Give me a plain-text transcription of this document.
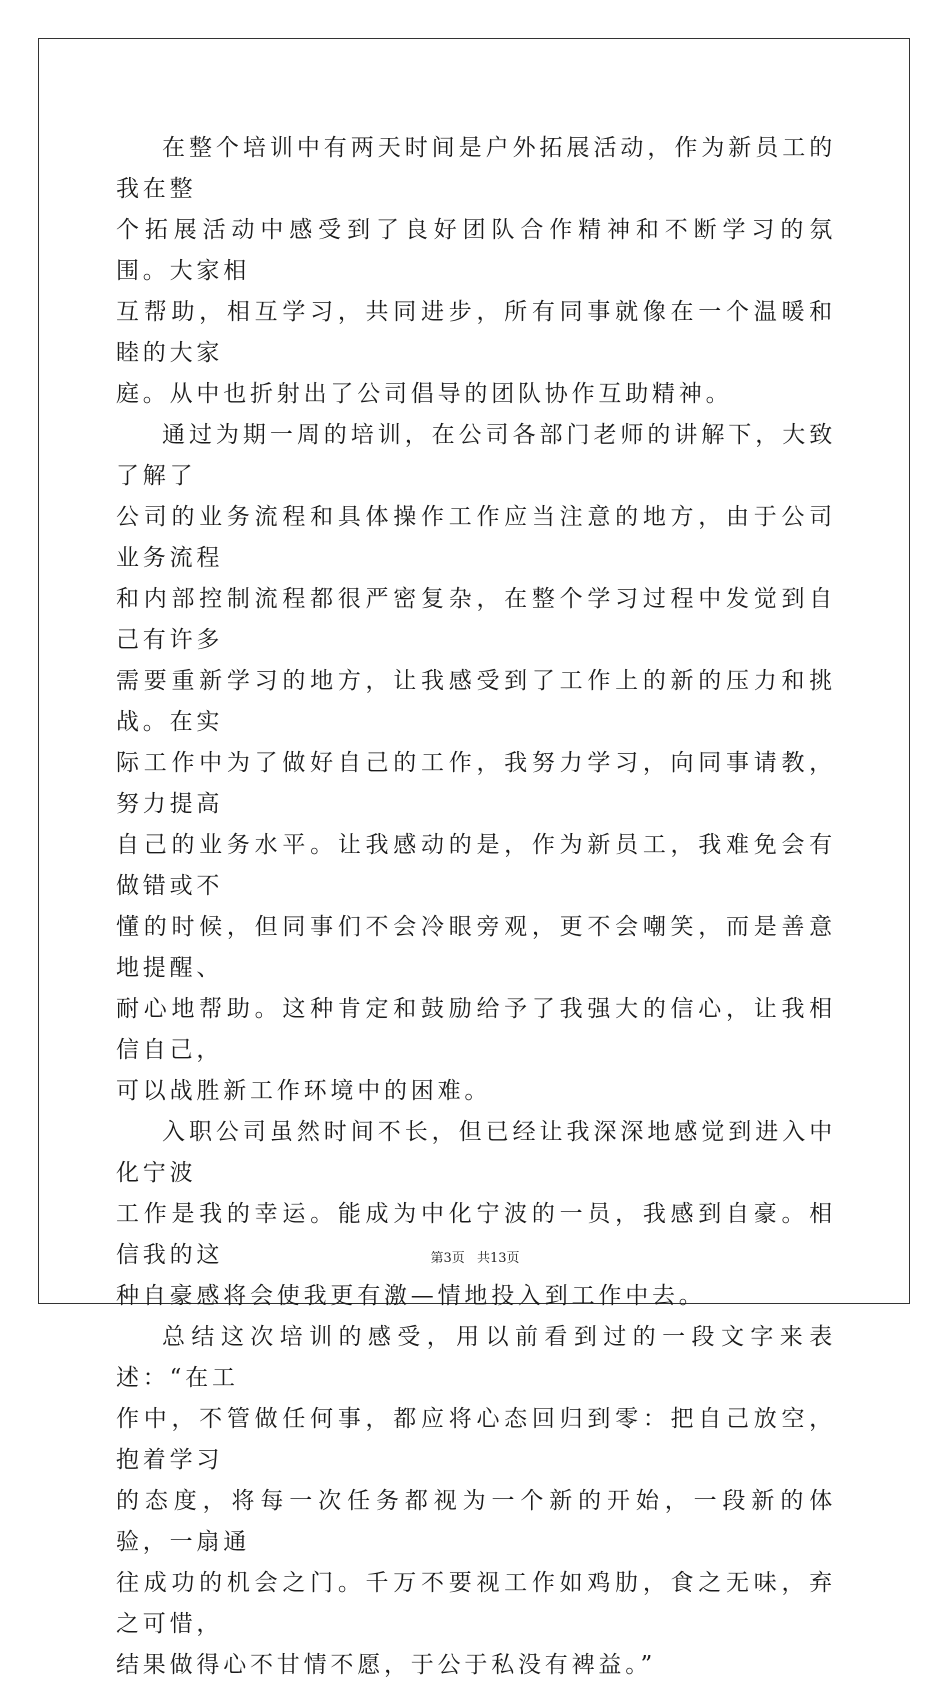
在整个培训中有两天时间是户外拓展活动，作为新员工的我在整
个拓展活动中感受到了良好团队合作精神和不断学习的氛围。大家相
互帮助，相互学习，共同进步，所有同事就像在一个温暖和睦的大家
庭。从中也折射出了公司倡导的团队协作互助精神。

通过为期一周的培训，在公司各部门老师的讲解下，大致了解了
公司的业务流程和具体操作工作应当注意的地方，由于公司业务流程
和内部控制流程都很严密复杂，在整个学习过程中发觉到自己有许多
需要重新学习的地方，让我感受到了工作上的新的压力和挑战。在实
际工作中为了做好自己的工作，我努力学习，向同事请教，努力提高
自己的业务水平。让我感动的是，作为新员工，我难免会有做错或不
懂的时候，但同事们不会冷眼旁观，更不会嘲笑，而是善意地提醒、
耐心地帮助。这种肯定和鼓励给予了我强大的信心，让我相信自己，
可以战胜新工作环境中的困难。

入职公司虽然时间不长，但已经让我深深地感觉到进入中化宁波
工作是我的幸运。能成为中化宁波的一员，我感到自豪。相信我的这
种自豪感将会使我更有激—情地投入到工作中去。

总结这次培训的感受，用以前看到过的一段文字来表述：“在工
作中，不管做任何事，都应将心态回归到零：把自己放空，抱着学习
的态度，将每一次任务都视为一个新的开始，一段新的体验，一扇通
往成功的机会之门。千万不要视工作如鸡肋，食之无味，弃之可惜，
结果做得心不甘情不愿，于公于私没有裨益。”

第3页 共13页
